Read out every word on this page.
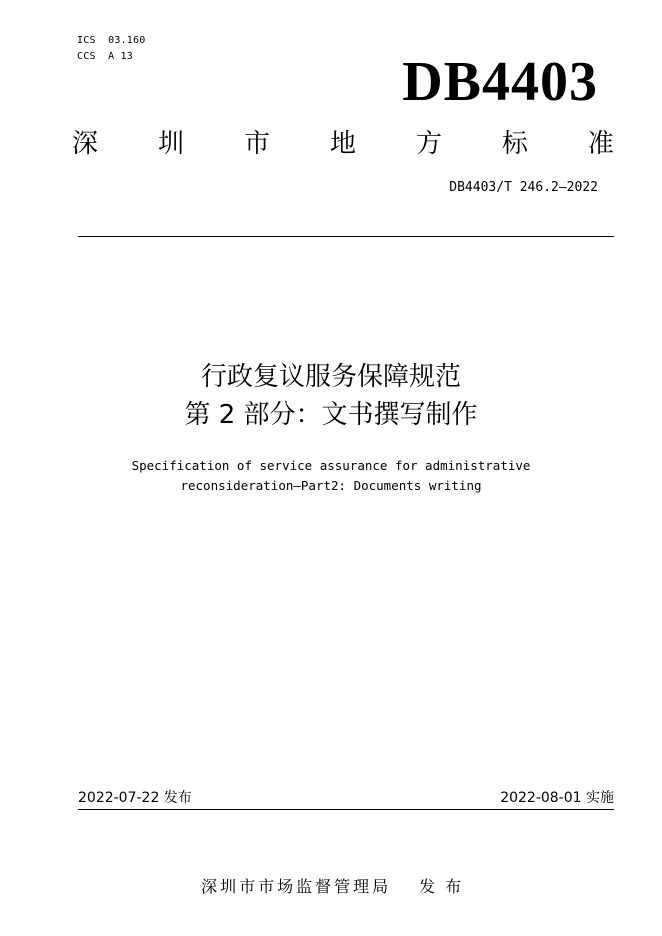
ICS  03.160
CCS  A 13	DB4403
深 圳 市 地 方 标 准
DB4403/T 246.2—2022
行政复议服务保障规范
第 2 部分：文书撰写制作
Specification of service assurance for administrative
reconsideration—Part2: Documents writing
2022-07-22 发布	2022-08-01 实施

深圳市市场监督管理局 发布
